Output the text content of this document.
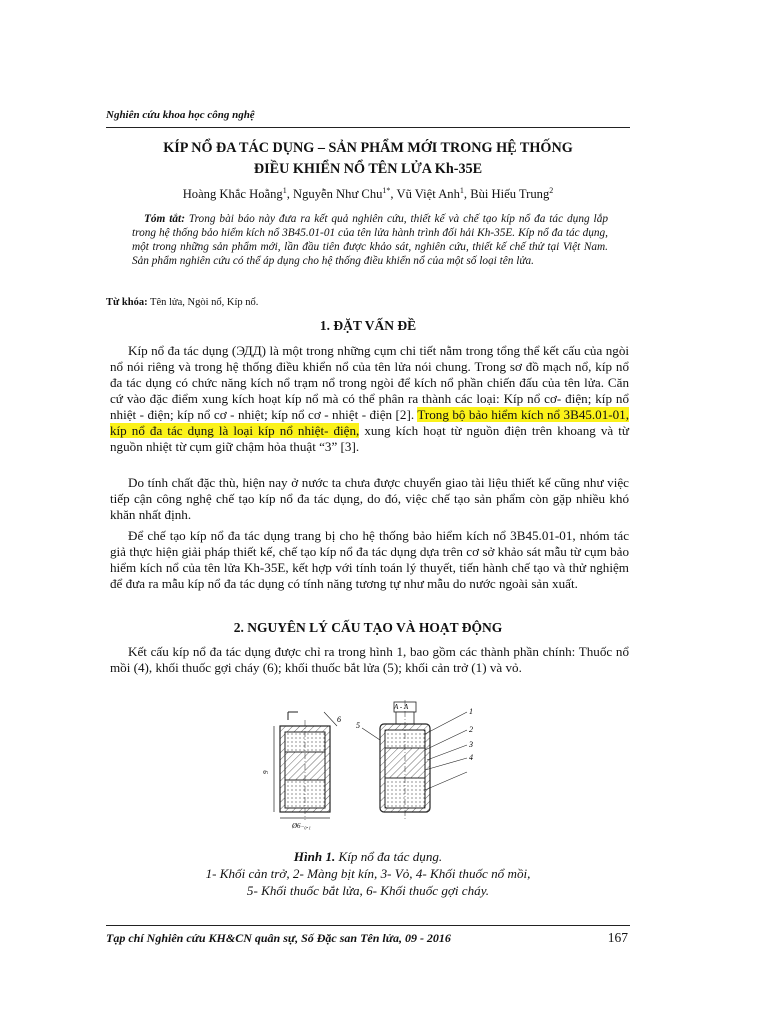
Nghiên cứu khoa học công nghệ
KÍP NỔ ĐA TÁC DỤNG – SẢN PHẨM MỚI TRONG HỆ THỐNG
ĐIỀU KHIỂN NỔ TÊN LỬA Kh-35E
Hoàng Khắc Hoằng$^1$, Nguyễn Như Chu$^{1*}$, Vũ Việt Anh$^1$, Bùi Hiếu Trung$^2$
Tóm tắt: Trong bài báo này đưa ra kết quả nghiên cứu, thiết kế và chế tạo kíp nổ đa tác dụng lắp trong hệ thống bảo hiểm kích nổ 3B45.01-01 của tên lửa hành trình đối hải Kh-35E. Kíp nổ đa tác dụng, một trong những sản phẩm mới, lần đầu tiên được khảo sát, nghiên cứu, thiết kế chế thử tại Việt Nam. Sản phẩm nghiên cứu có thể áp dụng cho hệ thống điều khiển nổ của một số loại tên lửa.
Từ khóa: Tên lửa, Ngòi nổ, Kíp nổ.
1. ĐẶT VẤN ĐỀ
Kíp nổ đa tác dụng (ЭДД) là một trong những cụm chi tiết nằm trong tổng thể kết cấu của ngòi nổ nói riêng và trong hệ thống điều khiển nổ của tên lửa nói chung. Trong sơ đồ mạch nổ, kíp nổ đa tác dụng có chức năng kích nổ trạm nổ trong ngòi để kích nổ phần chiến đấu của tên lửa. Căn cứ vào đặc điểm xung kích hoạt kíp nổ mà có thể phân ra thành các loại: Kíp nổ cơ- điện; kíp nổ nhiệt - điện; kíp nổ cơ - nhiệt; kíp nổ cơ - nhiệt - điện [2]. Trong bộ bảo hiểm kích nổ 3B45.01-01, kíp nổ đa tác dụng là loại kíp nổ nhiệt- điện, xung kích hoạt từ nguồn điện trên khoang và từ nguồn nhiệt từ cụm giữ chậm hỏa thuật “3” [3].
Do tính chất đặc thù, hiện nay ở nước ta chưa được chuyển giao tài liệu thiết kế cũng như việc tiếp cận công nghệ chế tạo kíp nổ đa tác dụng, do đó, việc chế tạo sản phẩm còn gặp nhiều khó khăn nhất định.
Để chế tạo kíp nổ đa tác dụng trang bị cho hệ thống bảo hiểm kích nổ 3B45.01-01, nhóm tác giả thực hiện giải pháp thiết kế, chế tạo kíp nổ đa tác dụng dựa trên cơ sở khảo sát mẫu từ cụm bảo hiểm kích nổ của tên lửa Kh-35E, kết hợp với tính toán lý thuyết, tiến hành chế tạo và thử nghiệm để đưa ra mẫu kíp nổ đa tác dụng có tính năng tương tự như mẫu do nước ngoài sản xuất.
2. NGUYÊN LÝ CẤU TẠO VÀ HOẠT ĐỘNG
Kết cấu kíp nổ đa tác dụng được chỉ ra trong hình 1, bao gồm các thành phần chính: Thuốc nổ mồi (4), khối thuốc gợi cháy (6); khối thuốc bắt lửa (5); khối cản trở (1) và vỏ.
A - A
9
Ø6₋₀.₁
6
1
2
3
4
5
Hình 1. Kíp nổ đa tác dụng.
1- Khối cản trở, 2- Màng bịt kín, 3- Vỏ, 4- Khối thuốc nổ mồi,
5- Khối thuốc bắt lửa, 6- Khối thuốc gợi cháy.
Tạp chí Nghiên cứu KH&CN quân sự, Số Đặc san Tên lửa, 09 - 2016	167
